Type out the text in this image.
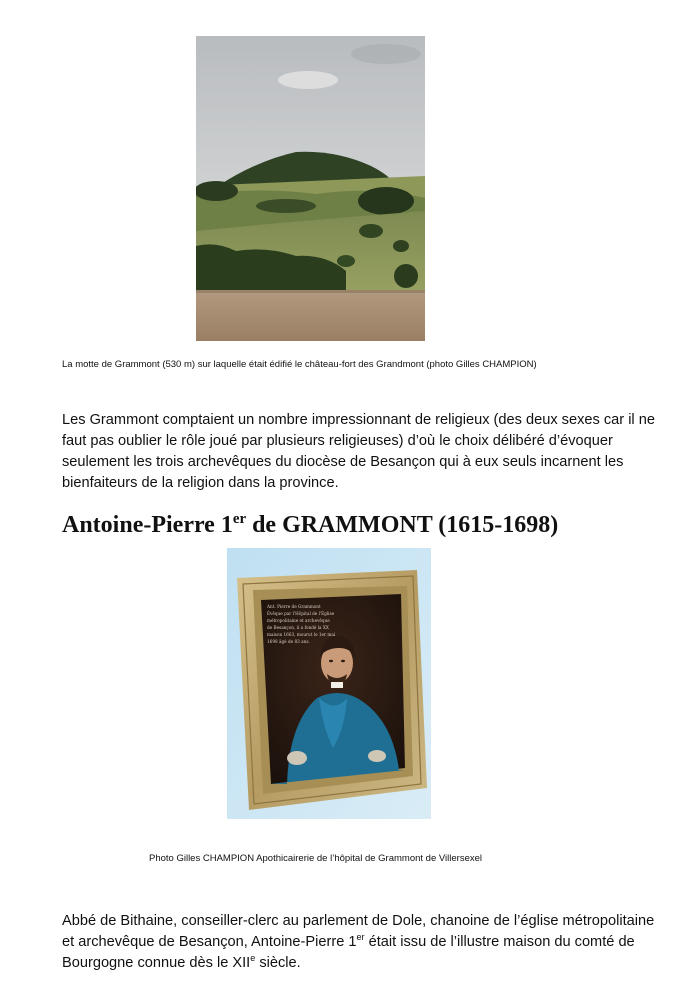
La motte de Grammont (530 m) sur laquelle était édifié le château-fort des Grandmont (photo Gilles CHAMPION)

Les Grammont comptaient un nombre impressionnant de religieux (des deux sexes car il ne faut pas oublier le rôle joué par plusieurs religieuses) d’où le choix délibéré d’évoquer seulement les trois archevêques du diocèse de Besançon qui à eux seuls incarnent les bienfaiteurs de la religion dans la province.

Antoine-Pierre 1er de GRAMMONT (1615-1698)
Ant. Pierre de Grammont
Évêque par l'Hôpital de l'Église
métropolitaine et archevêque
de Besançon, il a fondé la XX
maison 1663, mourut le 1er mai
1698 âgé de 83 ans.
Photo Gilles CHAMPION Apothicairerie de l’hôpital de Grammont de Villersexel

Abbé de Bithaine, conseiller-clerc au parlement de Dole, chanoine de l’église métropolitaine et archevêque de Besançon, Antoine-Pierre 1er était issu de l’illustre maison du comté de Bourgogne connue dès le XIIe siècle.
